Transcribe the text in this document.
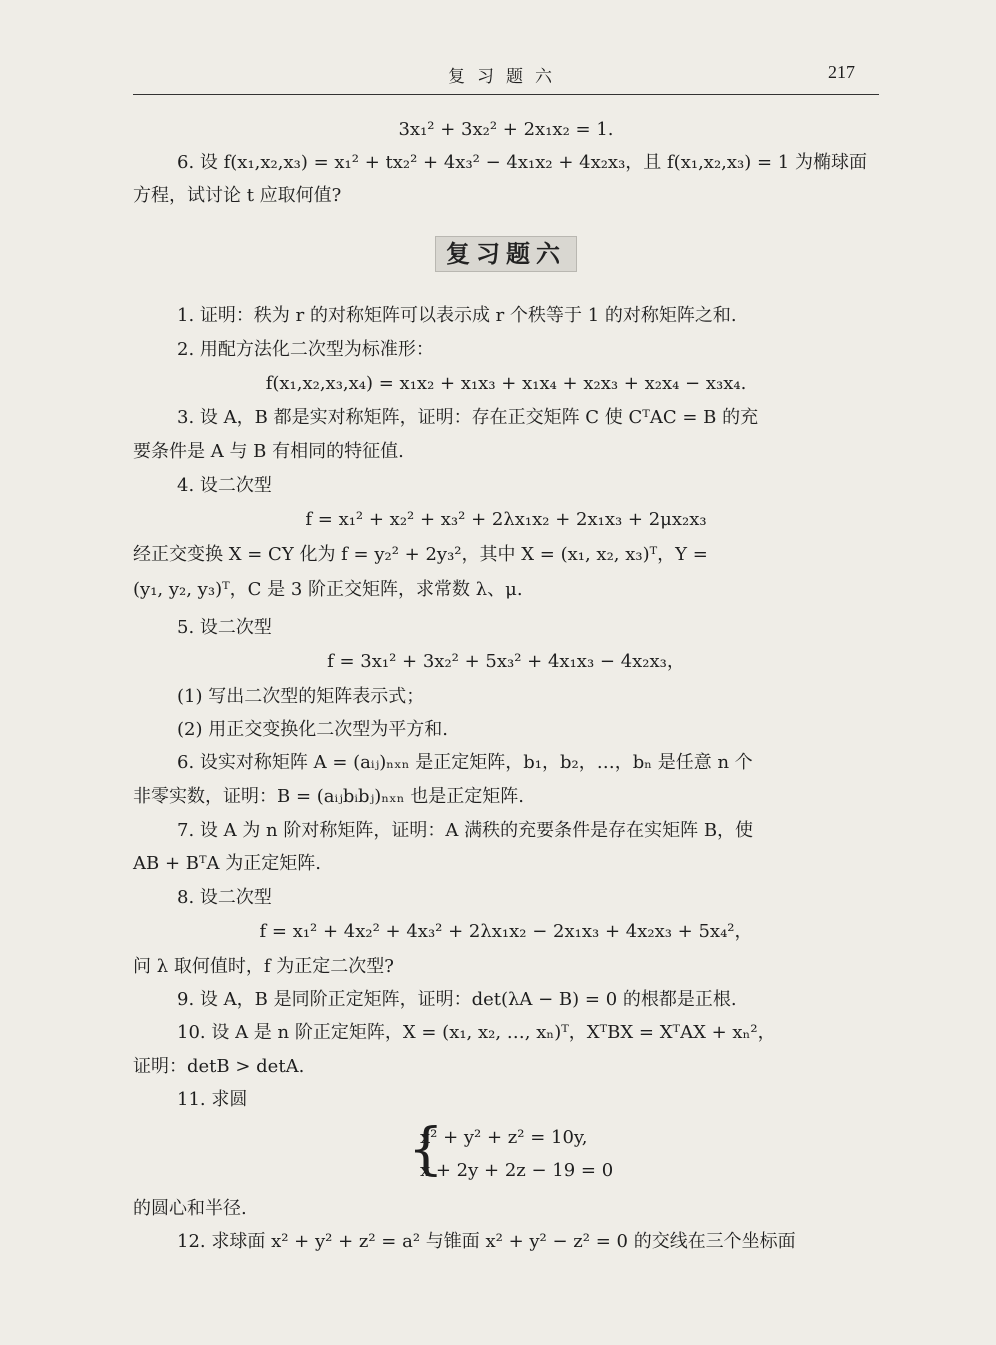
复习题六	217
3x₁² + 3x₂² + 2x₁x₂ = 1.
6. 设 f(x₁,x₂,x₃) = x₁² + tx₂² + 4x₃² − 4x₁x₂ + 4x₂x₃，且 f(x₁,x₂,x₃) = 1 为椭球面
方程，试讨论 t 应取何值?
复习题六
1. 证明：秩为 r 的对称矩阵可以表示成 r 个秩等于 1 的对称矩阵之和.
2. 用配方法化二次型为标准形：
f(x₁,x₂,x₃,x₄) = x₁x₂ + x₁x₃ + x₁x₄ + x₂x₃ + x₂x₄ − x₃x₄.
3. 设 A，B 都是实对称矩阵，证明：存在正交矩阵 C 使 CᵀAC = B 的充
要条件是 A 与 B 有相同的特征值.
4. 设二次型
f = x₁² + x₂² + x₃² + 2λx₁x₂ + 2x₁x₃ + 2μx₂x₃
经正交变换 X = CY 化为 f = y₂² + 2y₃²，其中 X = (x₁, x₂, x₃)ᵀ，Y =
(y₁, y₂, y₃)ᵀ，C 是 3 阶正交矩阵，求常数 λ、μ.
5. 设二次型
f = 3x₁² + 3x₂² + 5x₃² + 4x₁x₃ − 4x₂x₃，
(1) 写出二次型的矩阵表示式；
(2) 用正交变换化二次型为平方和.
6. 设实对称矩阵 A = (aᵢⱼ)ₙₓₙ 是正定矩阵，b₁，b₂，…，bₙ 是任意 n 个
非零实数，证明：B = (aᵢⱼbᵢbⱼ)ₙₓₙ 也是正定矩阵.
7. 设 A 为 n 阶对称矩阵，证明：A 满秩的充要条件是存在实矩阵 B，使
AB + BᵀA 为正定矩阵.
8. 设二次型
f = x₁² + 4x₂² + 4x₃² + 2λx₁x₂ − 2x₁x₃ + 4x₂x₃ + 5x₄²，
问 λ 取何值时，f 为正定二次型?
9. 设 A，B 是同阶正定矩阵，证明：det(λA − B) = 0 的根都是正根.
10. 设 A 是 n 阶正定矩阵，X = (x₁, x₂, …, xₙ)ᵀ，XᵀBX = XᵀAX + xₙ²，
证明：detB > detA.
11. 求圆
{
x² + y² + z² = 10y,
x + 2y + 2z − 19 = 0
的圆心和半径.
12. 求球面 x² + y² + z² = a² 与锥面 x² + y² − z² = 0 的交线在三个坐标面
